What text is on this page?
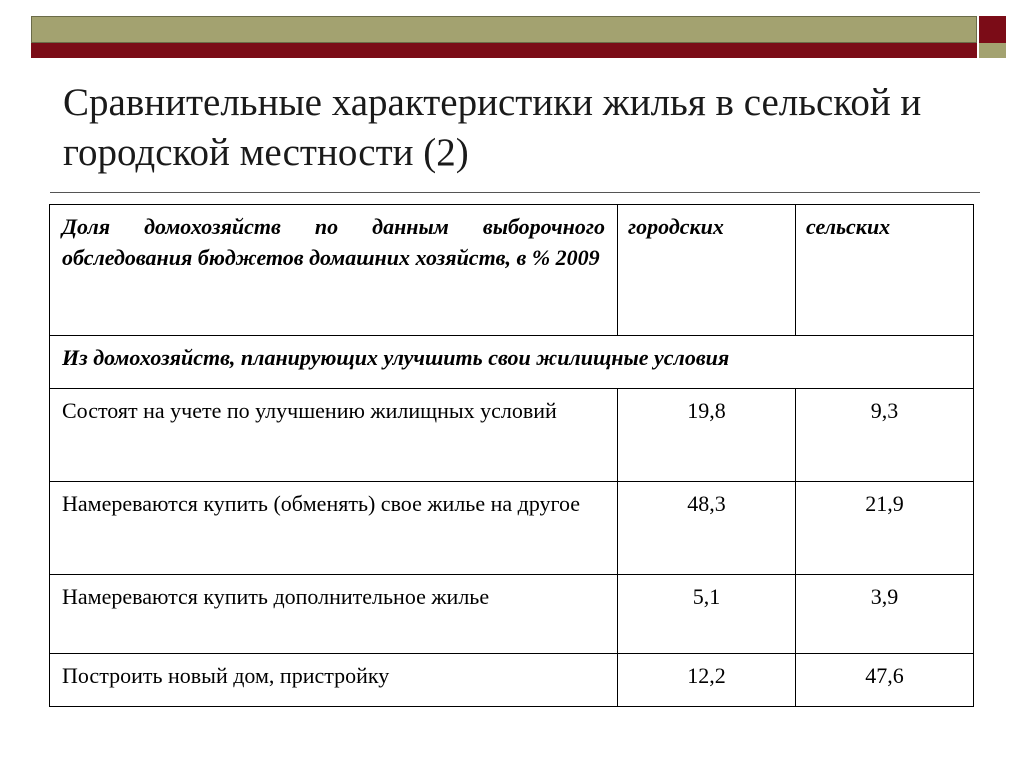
Сравнительные характеристики жилья в сельской и городской местности (2)
Доля домохозяйств по данным выборочного обследования бюджетов домашних хозяйств, в % 2009	городских	сельских
Из домохозяйств, планирующих улучшить свои жилищные условия		
Состоят на учете по улучшению жилищных условий	19,8	9,3
Намереваются купить (обменять) свое жилье на другое	48,3	21,9
Намереваются купить дополнительное жилье	5,1	3,9
Построить новый дом, пристройку	12,2	47,6
